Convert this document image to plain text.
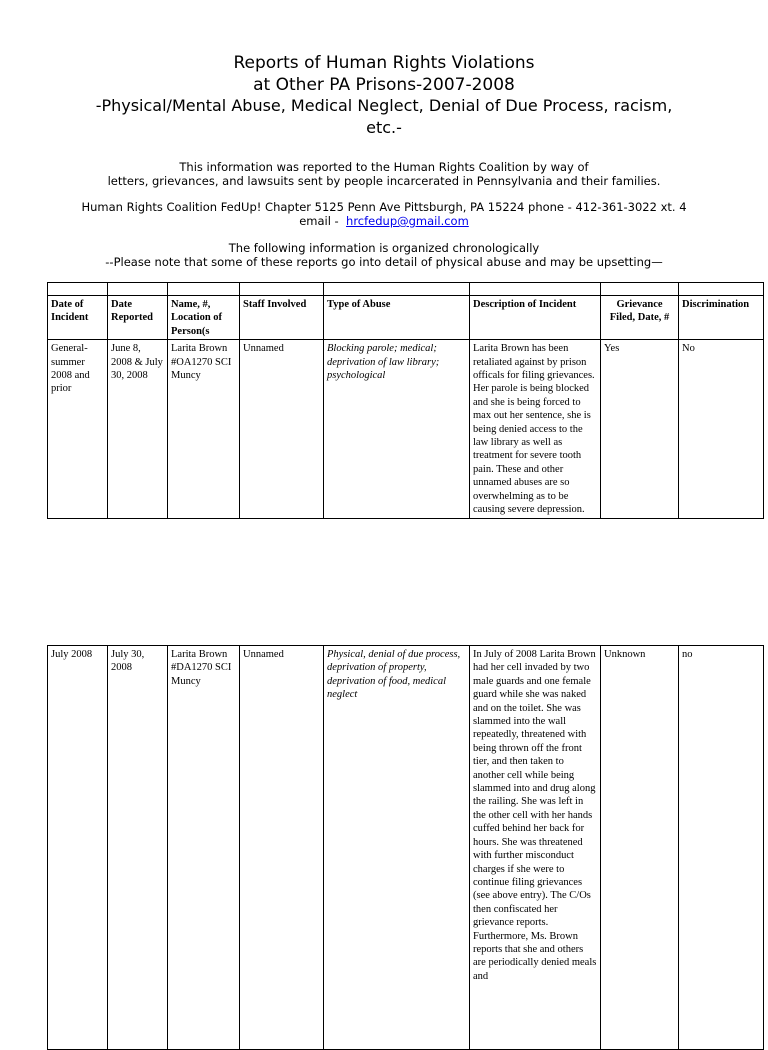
Reports of Human Rights Violations
at Other PA Prisons-2007-2008
-Physical/Mental Abuse, Medical Neglect, Denial of Due Process, racism,
etc.-
This information was reported to the Human Rights Coalition by way of
letters, grievances, and lawsuits sent by people incarcerated in Pennsylvania and their families.
Human Rights Coalition FedUp! Chapter 5125 Penn Ave Pittsburgh, PA 15224 phone - 412-361-3022 xt. 4
email -  hrcfedup@gmail.com
The following information is organized chronologically
--Please note that some of these reports go into detail of physical abuse and may be upsetting—

Date of Incident	Date Reported	Name, #, Location of Person(s	Staff Involved	Type of Abuse	Description of Incident	Grievance Filed, Date, #	Discrimination
General-summer 2008 and prior	June 8, 2008 & July 30, 2008	Larita Brown #OA1270 SCI Muncy	Unnamed	Blocking parole; medical; deprivation of law library; psychological	Larita Brown has been retaliated against by prison officals for filing grievances. Her parole is being blocked and she is being forced to max out her sentence, she is being denied access to the law library as well as treatment for severe tooth pain. These and other unnamed abuses are so overwhelming as to be causing severe depression.	Yes	No
July 2008	July 30, 2008	Larita Brown #DA1270 SCI Muncy	Unnamed	Physical, denial of due process, deprivation of property, deprivation of food, medical neglect	In July of 2008 Larita Brown had her cell invaded by two male guards and one female guard while she was naked and on the toilet. She was slammed into the wall repeatedly, threatened with being thrown off the front tier, and then taken to another cell while being slammed into and drug along the railing. She was left in the other cell with her hands cuffed behind her back for hours. She was threatened with further misconduct charges if she were to continue filing grievances (see above entry). The C/Os then confiscated her grievance reports. Furthermore, Ms. Brown reports that she and others are periodically denied meals and	Unknown	no
